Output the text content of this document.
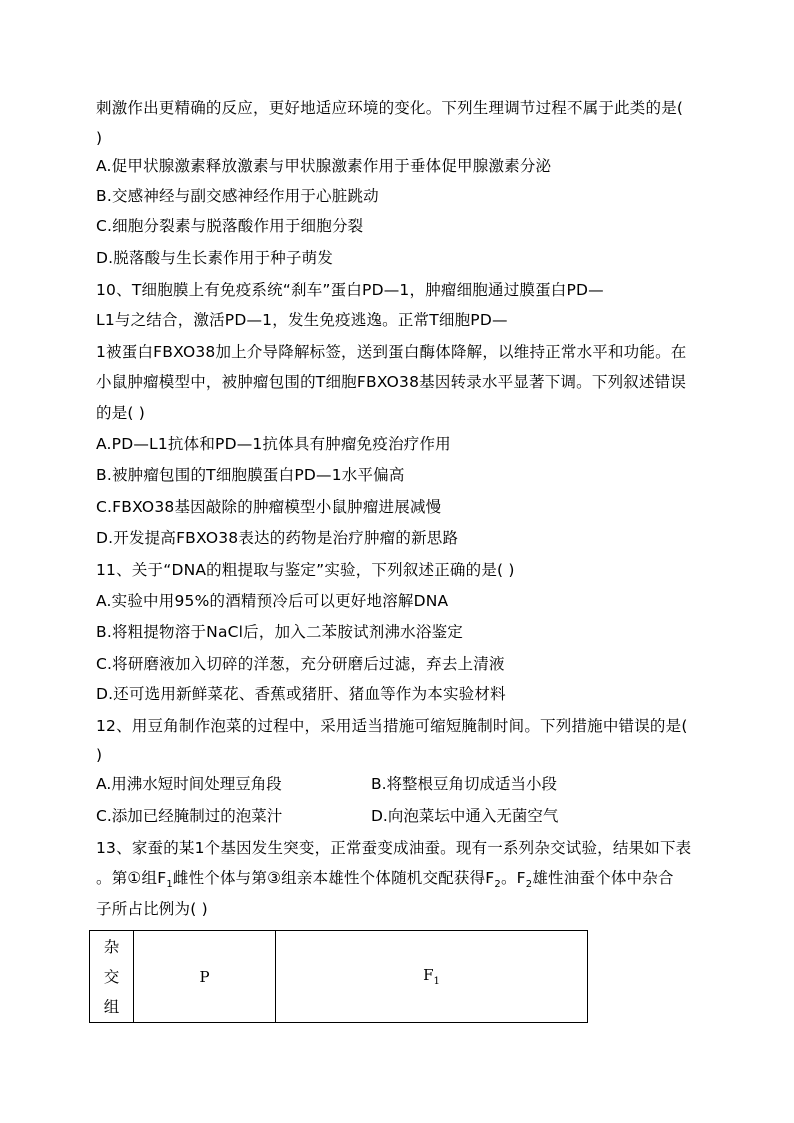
刺激作出更精确的反应，更好地适应环境的变化。下列生理调节过程不属于此类的是(
)
A.促甲状腺激素释放激素与甲状腺激素作用于垂体促甲腺激素分泌
B.交感神经与副交感神经作用于心脏跳动
C.细胞分裂素与脱落酸作用于细胞分裂
D.脱落酸与生长素作用于种子萌发
10、T细胞膜上有免疫系统“刹车”蛋白PD—1，肿瘤细胞通过膜蛋白PD—
L1与之结合，激活PD—1，发生免疫逃逸。正常T细胞PD—
1被蛋白FBXO38加上介导降解标签，送到蛋白酶体降解，以维持正常水平和功能。在
小鼠肿瘤模型中，被肿瘤包围的T细胞FBXO38基因转录水平显著下调。下列叙述错误
的是( )
A.PD—L1抗体和PD—1抗体具有肿瘤免疫治疗作用
B.被肿瘤包围的T细胞膜蛋白PD—1水平偏高
C.FBXO38基因敲除的肿瘤模型小鼠肿瘤进展减慢
D.开发提高FBXO38表达的药物是治疗肿瘤的新思路
11、关于“DNA的粗提取与鉴定”实验，下列叙述正确的是( )
A.实验中用95%的酒精预冷后可以更好地溶解DNA
B.将粗提物溶于NaCl后，加入二苯胺试剂沸水浴鉴定
C.将研磨液加入切碎的洋葱，充分研磨后过滤，弃去上清液
D.还可选用新鲜菜花、香蕉或猪肝、猪血等作为本实验材料
12、用豆角制作泡菜的过程中，采用适当措施可缩短腌制时间。下列措施中错误的是(
)
A.用沸水短时间处理豆角段	B.将整根豆角切成适当小段
C.添加已经腌制过的泡菜汁	D.向泡菜坛中通入无菌空气
13、家蚕的某1个基因发生突变，正常蚕变成油蚕。现有一系列杂交试验，结果如下表
。第①组$F_1$雌性个体与第③组亲本雄性个体随机交配获得$F_2$。$F_2$雄性油蚕个体中杂合
子所占比例为( )
杂
交
组
	P	$F_1$
